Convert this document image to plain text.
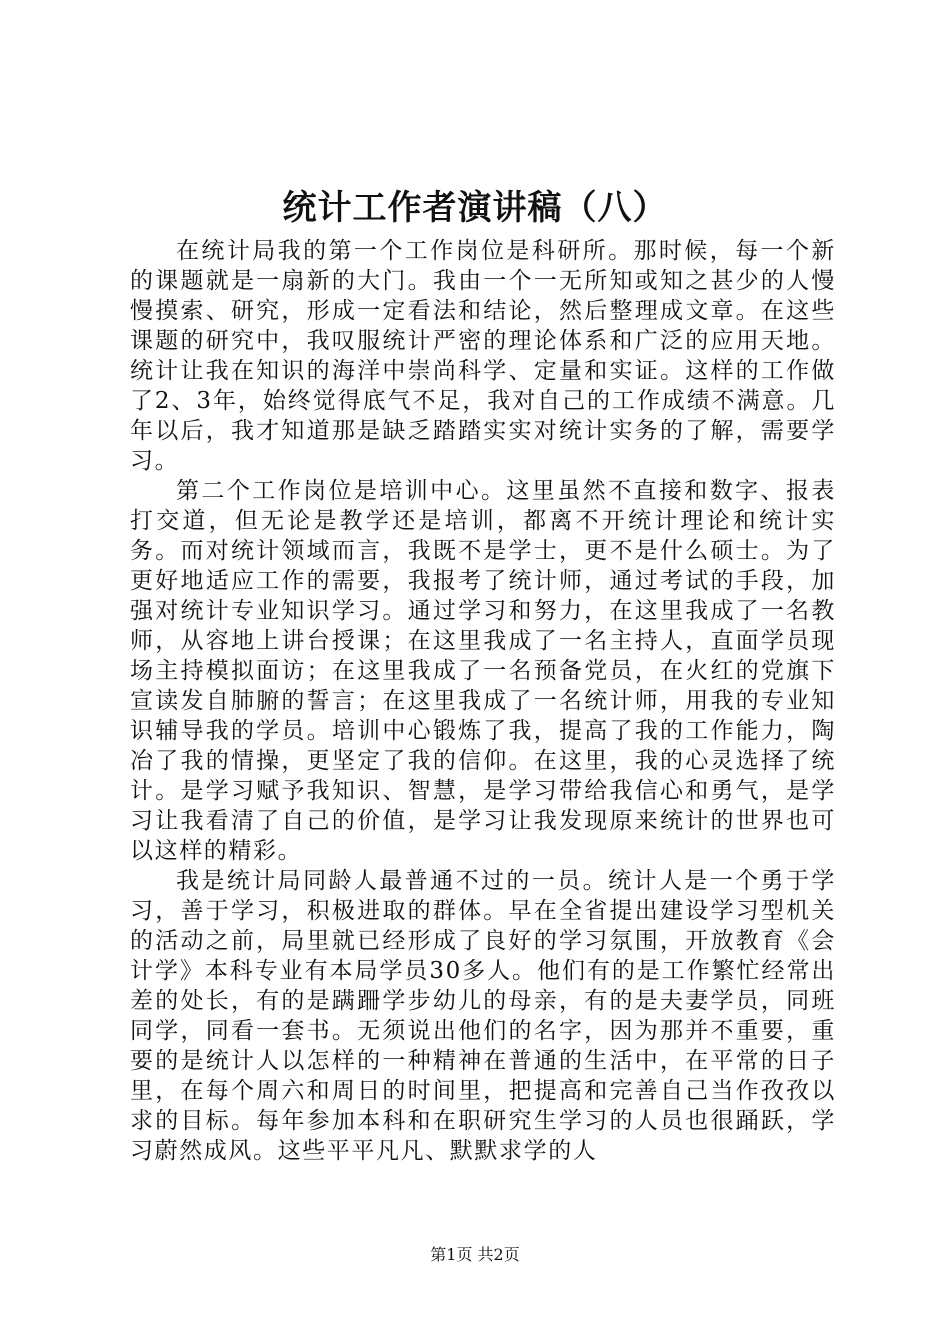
统计工作者演讲稿（八）

在统计局我的第一个工作岗位是科研所。那时候，每一个新的课题就是一扇新的大门。我由一个一无所知或知之甚少的人慢慢摸索、研究，形成一定看法和结论，然后整理成文章。在这些课题的研究中，我叹服统计严密的理论体系和广泛的应用天地。统计让我在知识的海洋中崇尚科学、定量和实证。这样的工作做了2、3年，始终觉得底气不足，我对自己的工作成绩不满意。几年以后，我才知道那是缺乏踏踏实实对统计实务的了解，需要学习。

第二个工作岗位是培训中心。这里虽然不直接和数字、报表打交道，但无论是教学还是培训，都离不开统计理论和统计实务。而对统计领域而言，我既不是学士，更不是什么硕士。为了更好地适应工作的需要，我报考了统计师，通过考试的手段，加强对统计专业知识学习。通过学习和努力，在这里我成了一名教师，从容地上讲台授课；在这里我成了一名主持人，直面学员现场主持模拟面访；在这里我成了一名预备党员，在火红的党旗下宣读发自肺腑的誓言；在这里我成了一名统计师，用我的专业知识辅导我的学员。培训中心锻炼了我，提高了我的工作能力，陶冶了我的情操，更坚定了我的信仰。在这里，我的心灵选择了统计。是学习赋予我知识、智慧，是学习带给我信心和勇气，是学习让我看清了自己的价值，是学习让我发现原来统计的世界也可以这样的精彩。

我是统计局同龄人最普通不过的一员。统计人是一个勇于学习，善于学习，积极进取的群体。早在全省提出建设学习型机关的活动之前，局里就已经形成了良好的学习氛围，开放教育《会计学》本科专业有本局学员30多人。他们有的是工作繁忙经常出差的处长，有的是蹒跚学步幼儿的母亲，有的是夫妻学员，同班同学，同看一套书。无须说出他们的名字，因为那并不重要，重要的是统计人以怎样的一种精神在普通的生活中，在平常的日子里，在每个周六和周日的时间里，把提高和完善自己当作孜孜以求的目标。每年参加本科和在职研究生学习的人员也很踊跃，学习蔚然成风。这些平平凡凡、默默求学的人

第1页 共2页
